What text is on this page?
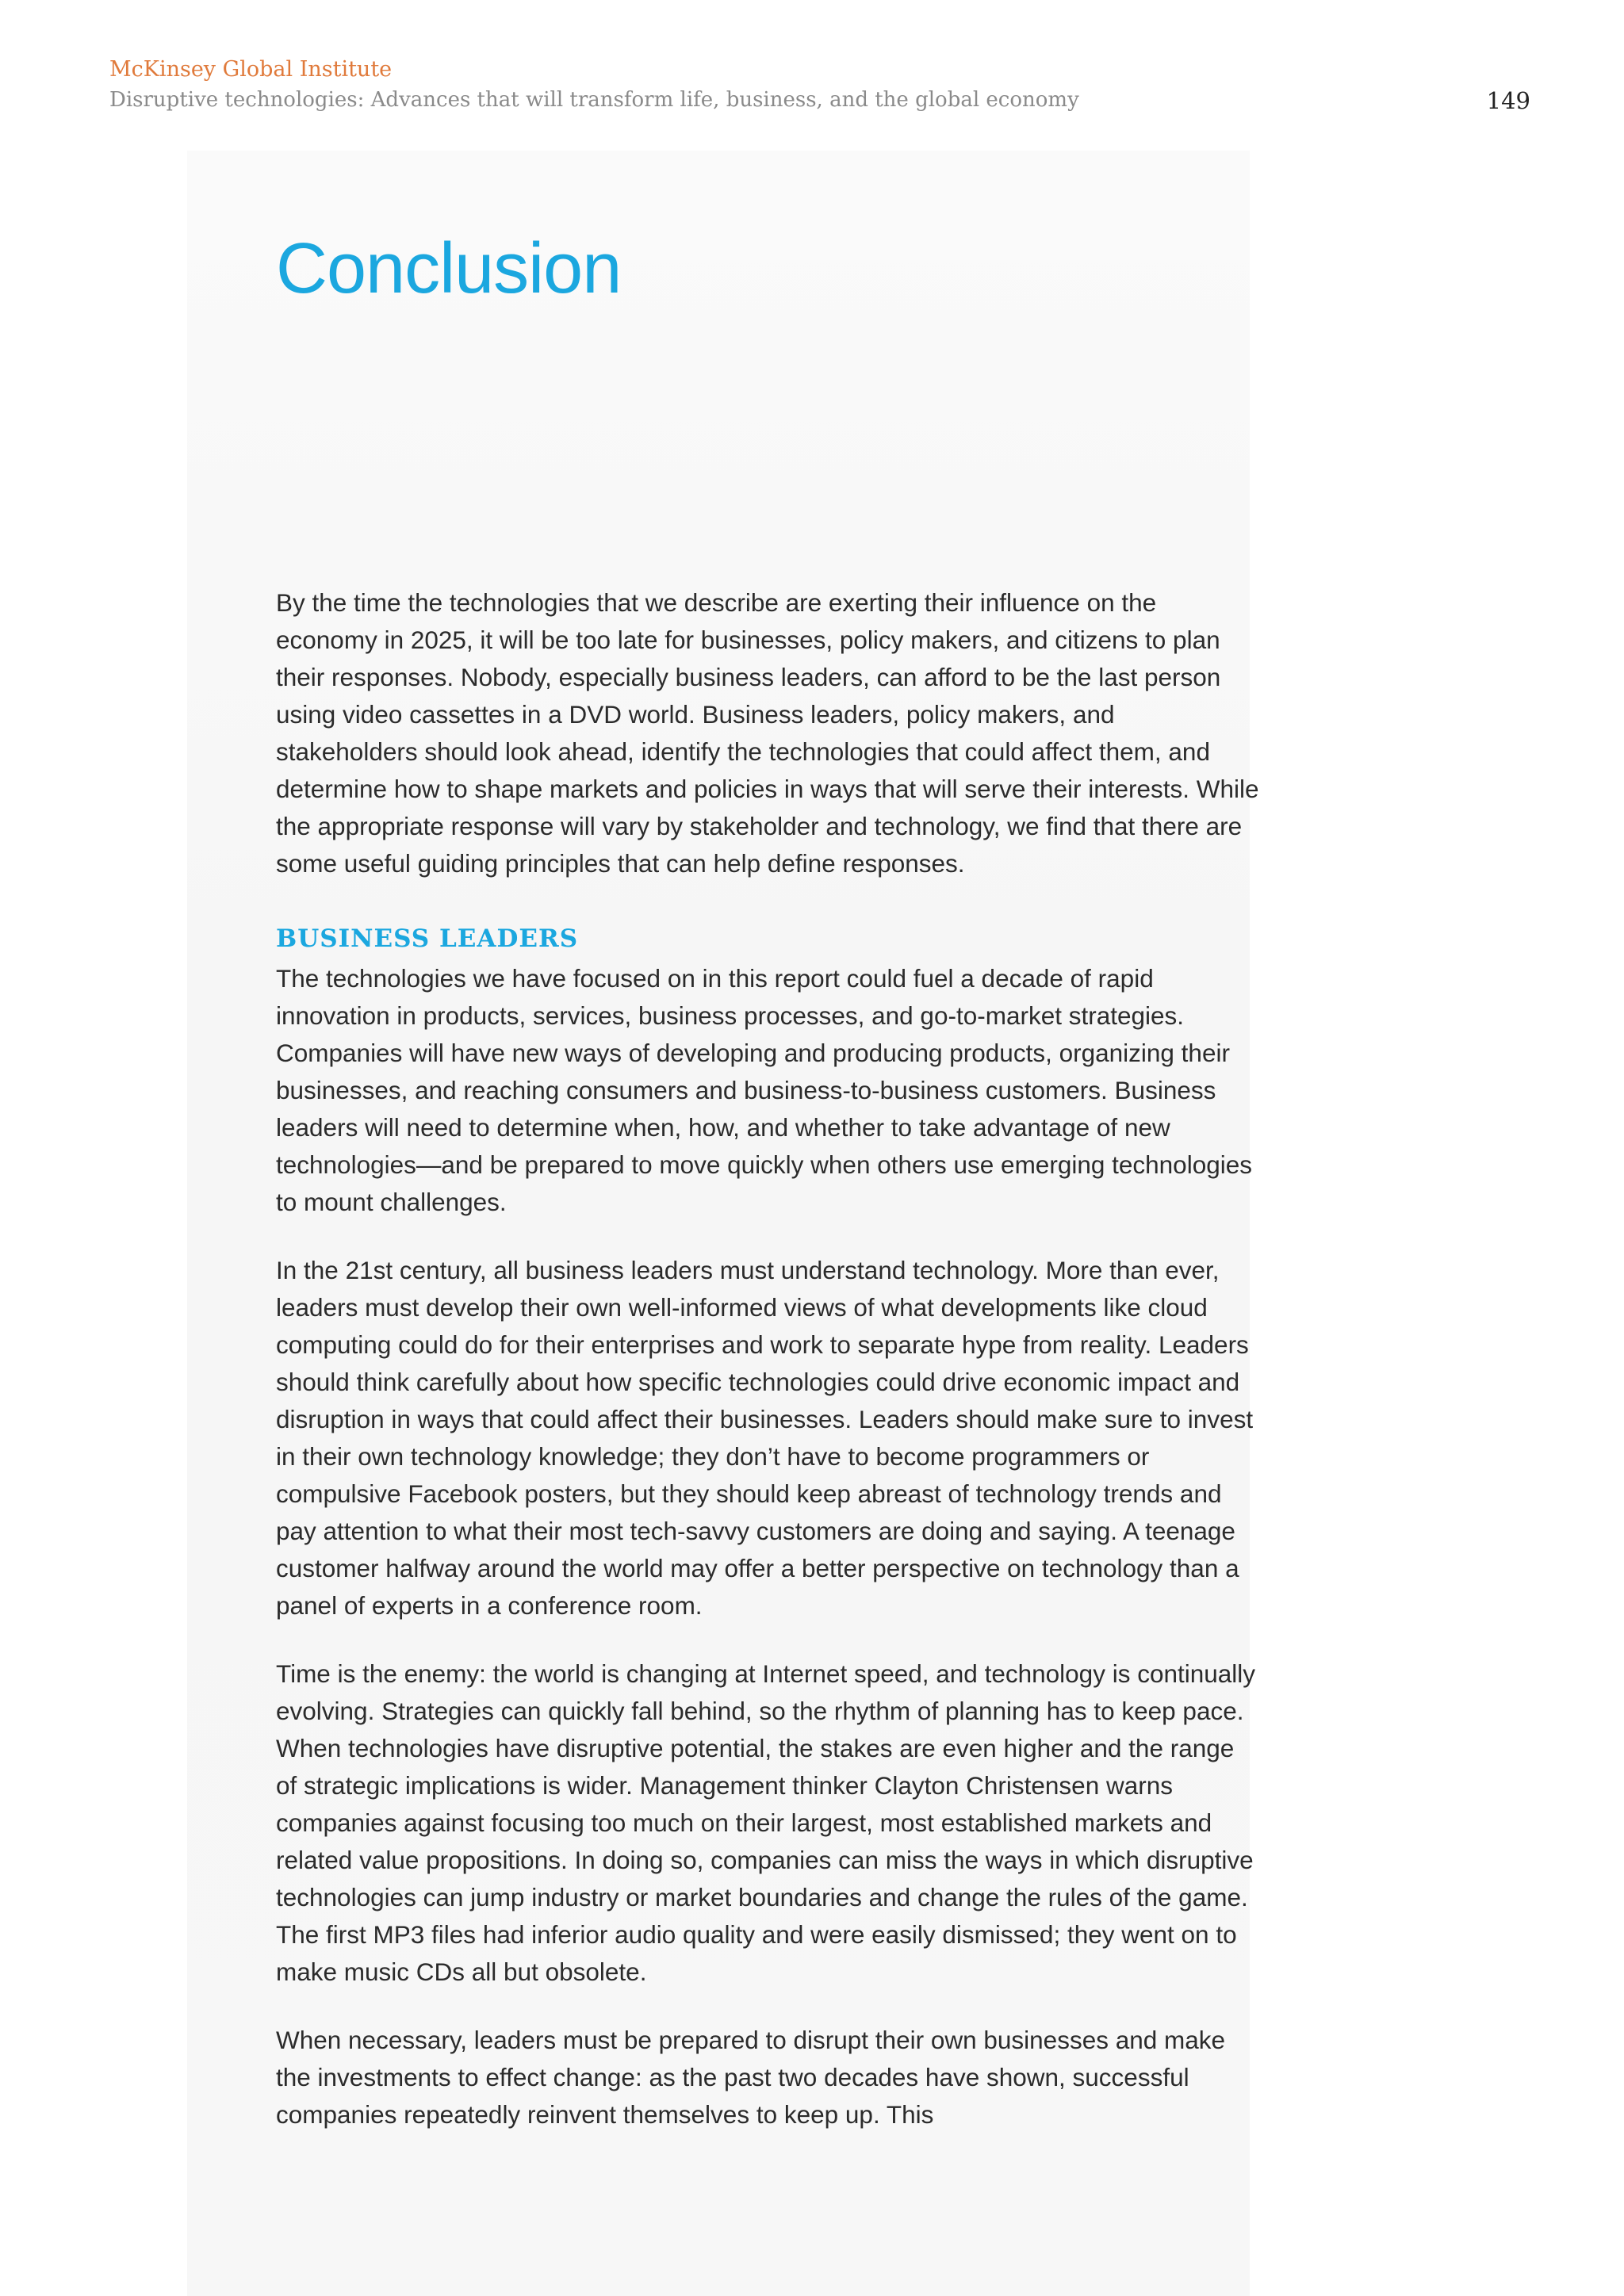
McKinsey Global Institute
Disruptive technologies: Advances that will transform life, business, and the global economy	149
Conclusion

By the time the technologies that we describe are exerting their influence on the economy in 2025, it will be too late for businesses, policy makers, and citizens to plan their responses. Nobody, especially business leaders, can afford to be the last person using video cassettes in a DVD world. Business leaders, policy makers, and stakeholders should look ahead, identify the technologies that could affect them, and determine how to shape markets and policies in ways that will serve their interests. While the appropriate response will vary by stakeholder and technology, we find that there are some useful guiding principles that can help define responses.

BUSINESS LEADERS

The technologies we have focused on in this report could fuel a decade of rapid innovation in products, services, business processes, and go-to-market strategies. Companies will have new ways of developing and producing products, organizing their businesses, and reaching consumers and business-to-business customers. Business leaders will need to determine when, how, and whether to take advantage of new technologies—and be prepared to move quickly when others use emerging technologies to mount challenges.

In the 21st century, all business leaders must understand technology. More than ever, leaders must develop their own well-informed views of what developments like cloud computing could do for their enterprises and work to separate hype from reality. Leaders should think carefully about how specific technologies could drive economic impact and disruption in ways that could affect their businesses. Leaders should make sure to invest in their own technology knowledge; they don’t have to become programmers or compulsive Facebook posters, but they should keep abreast of technology trends and pay attention to what their most tech-savvy customers are doing and saying. A teenage customer halfway around the world may offer a better perspective on technology than a panel of experts in a conference room.

Time is the enemy: the world is changing at Internet speed, and technology is continually evolving. Strategies can quickly fall behind, so the rhythm of planning has to keep pace. When technologies have disruptive potential, the stakes are even higher and the range of strategic implications is wider. Management thinker Clayton Christensen warns companies against focusing too much on their largest, most established markets and related value propositions. In doing so, companies can miss the ways in which disruptive technologies can jump industry or market boundaries and change the rules of the game. The first MP3 files had inferior audio quality and were easily dismissed; they went on to make music CDs all but obsolete.

When necessary, leaders must be prepared to disrupt their own businesses and make the investments to effect change: as the past two decades have shown, successful companies repeatedly reinvent themselves to keep up. This
